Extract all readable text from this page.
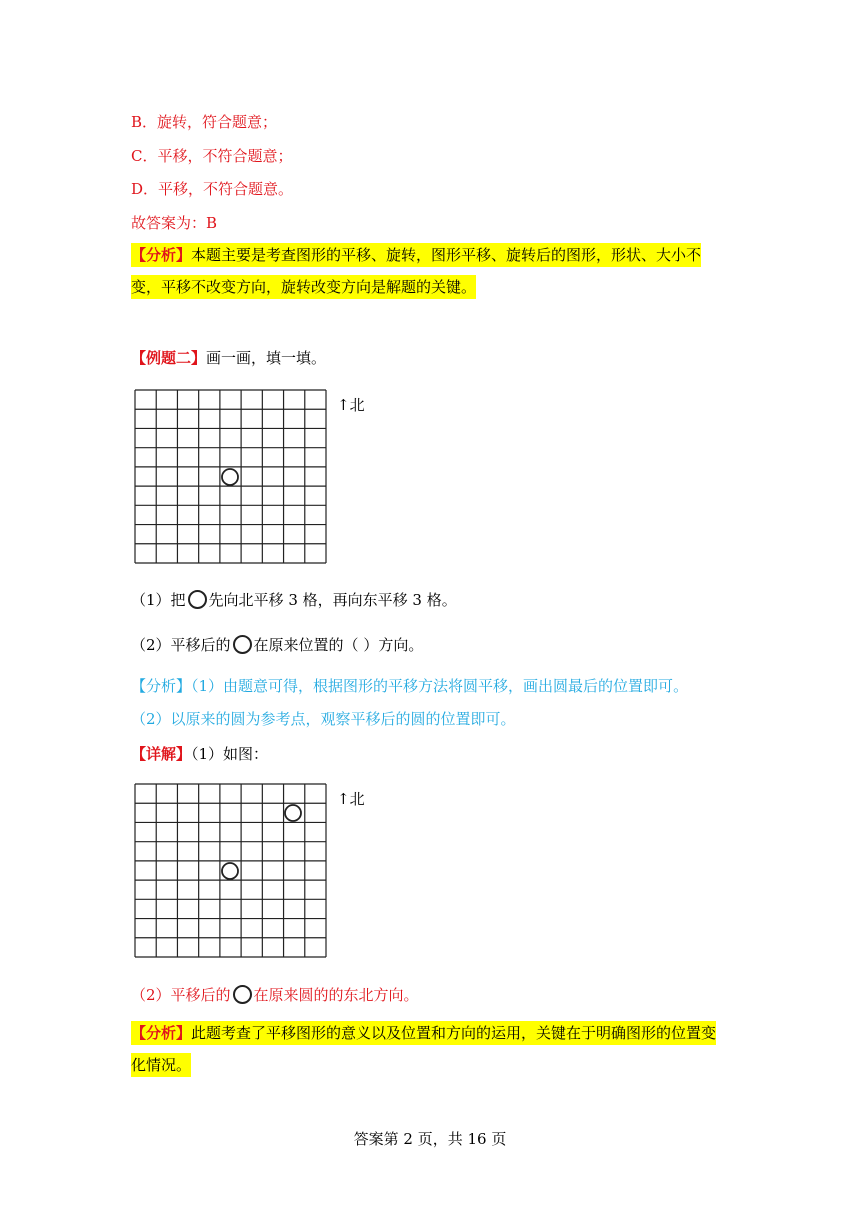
B．旋转，符合题意；
C．平移，不符合题意；
D．平移，不符合题意。
故答案为：B
【分析】本题主要是考查图形的平移、旋转，图形平移、旋转后的图形，形状、大小不变，平移不改变方向，旋转改变方向是解题的关键。
【例题二】画一画，填一填。
↑北
（1）把 先向北平移 3 格，再向东平移 3 格。
（2）平移后的 在原来位置的（ ）方向。
【分析】（1）由题意可得，根据图形的平移方法将圆平移，画出圆最后的位置即可。
（2）以原来的圆为参考点，观察平移后的圆的位置即可。
【详解】（1）如图：
↑北
（2）平移后的 在原来圆的的东北方向。
【分析】此题考查了平移图形的意义以及位置和方向的运用，关键在于明确图形的位置变化情况。
答案第 2 页，共 16 页
